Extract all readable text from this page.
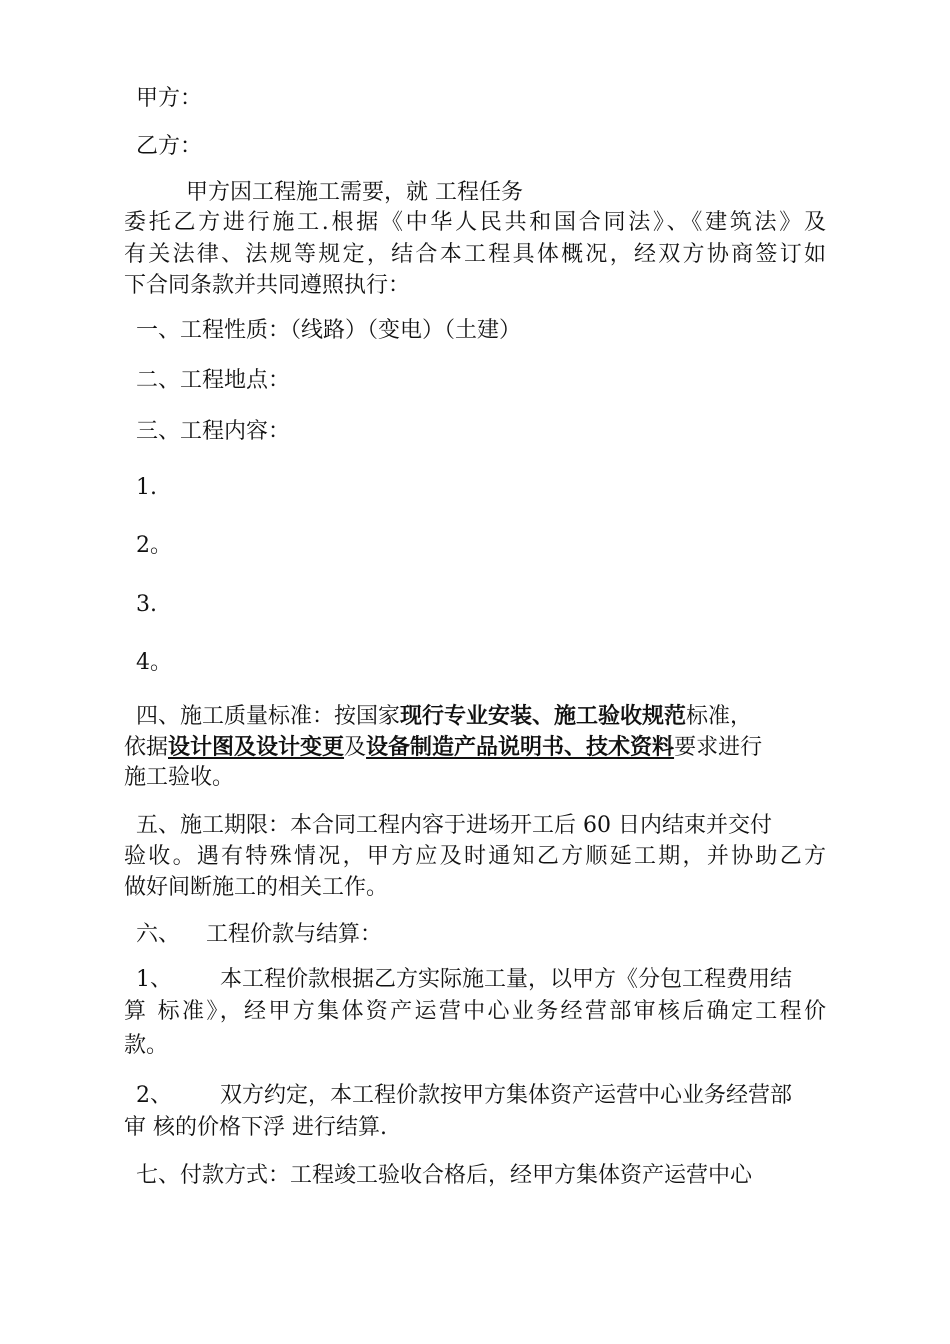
甲方：
乙方：
甲方因工程施工需要，就 工程任务
委托乙方进行施工.根据《中华人民共和国合同法》、《建筑法》及
有关法律、法规等规定，结合本工程具体概况，经双方协商签订如
下合同条款并共同遵照执行：
一、工程性质：（线路）（变电）（土建）
二、工程地点：
三、工程内容：
1.
2。
3.
4。
四、施工质量标准：按国家现行专业安装、施工验收规范标准，
依据设计图及设计变更及设备制造产品说明书、技术资料要求进行
施工验收。
五、施工期限：本合同工程内容于进场开工后 60 日内结束并交付
验收。遇有特殊情况，甲方应及时通知乙方顺延工期，并协助乙方
做好间断施工的相关工作。
六、 工程价款与结算：
1、 本工程价款根据乙方实际施工量，以甲方《分包工程费用结
算 标准》，经甲方集体资产运营中心业务经营部审核后确定工程价
款。
2、 双方约定，本工程价款按甲方集体资产运营中心业务经营部
审 核的价格下浮 进行结算.
七、付款方式：工程竣工验收合格后，经甲方集体资产运营中心
